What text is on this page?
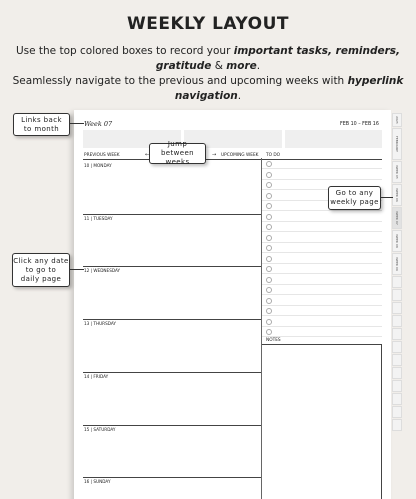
WEEKLY LAYOUT
Use the top colored boxes to record your important tasks, reminders, gratitude & more.
Seamlessly navigate to the previous and upcoming weeks with hyperlink navigation.
Week 07	FEB 10 – FEB 16
PREVIOUS WEEK	←	→ UPCOMING WEEK TO DO
10 | MONDAY
11 | TUESDAY
12 | WEDNESDAY
13 | THURSDAY
14 | FRIDAY
15 | SATURDAY
16 | SUNDAY
NOTES
2025
FEBRUARY
WEEK 05
WEEK 06
WEEK 07
WEEK 08
WEEK 09
Links back
to month
Jump between
weeks
Go to any
weekly page
Click any date
to go to
daily page
